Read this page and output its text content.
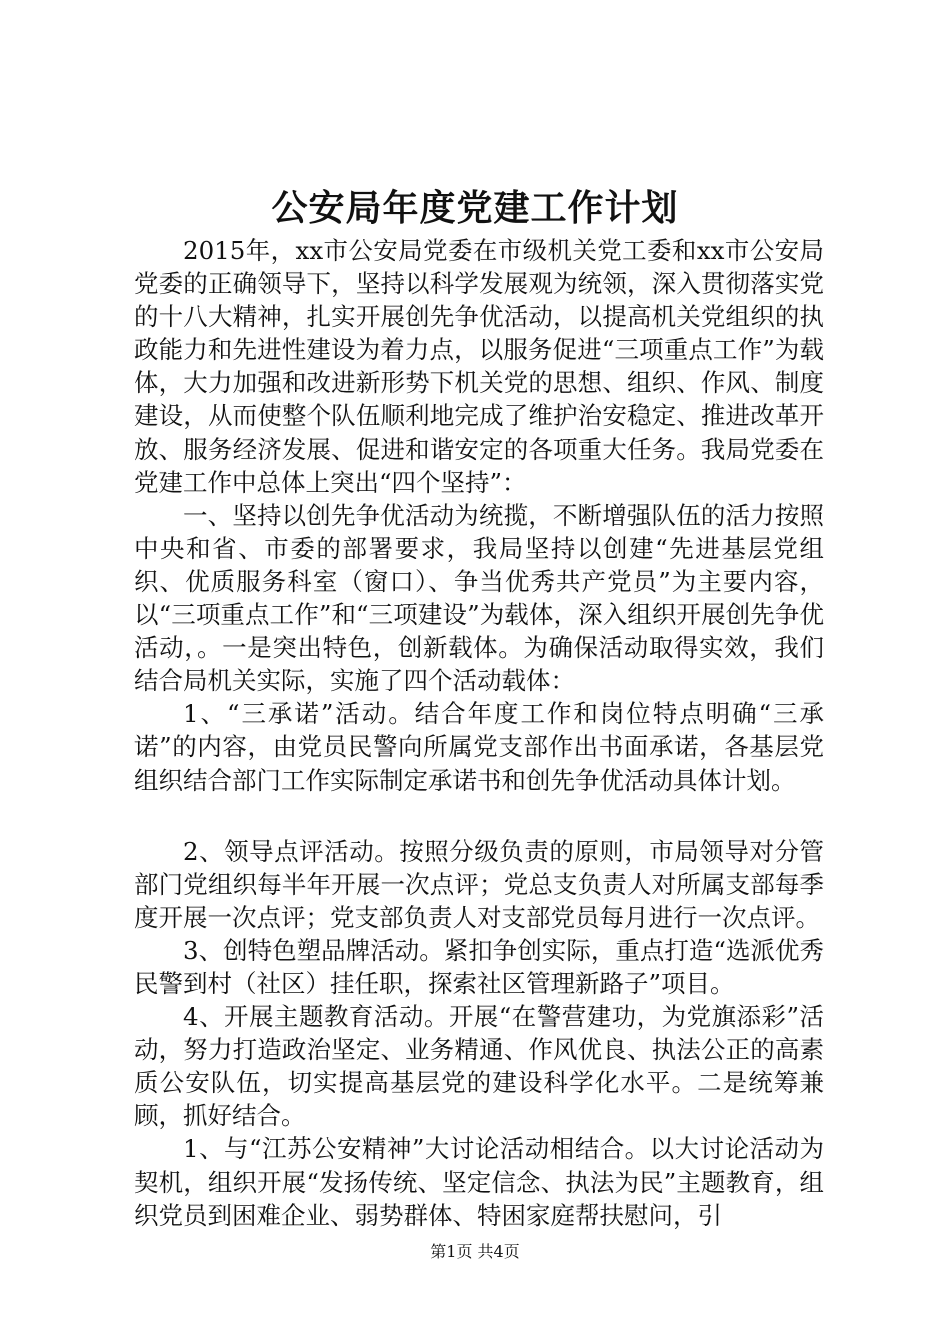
公安局年度党建工作计划

2015年，xx市公安局党委在市级机关党工委和xx市公安局党委的正确领导下，坚持以科学发展观为统领，深入贯彻落实党的十八大精神，扎实开展创先争优活动，以提高机关党组织的执政能力和先进性建设为着力点，以服务促进“三项重点工作”为载体，大力加强和改进新形势下机关党的思想、组织、作风、制度建设，从而使整个队伍顺利地完成了维护治安稳定、推进改革开放、服务经济发展、促进和谐安定的各项重大任务。我局党委在党建工作中总体上突出“四个坚持”：

一、坚持以创先争优活动为统揽，不断增强队伍的活力按照中央和省、市委的部署要求，我局坚持以创建“先进基层党组织、优质服务科室（窗口）、争当优秀共产党员”为主要内容，以“三项重点工作”和“三项建设”为载体，深入组织开展创先争优活动，。一是突出特色，创新载体。为确保活动取得实效，我们结合局机关实际，实施了四个活动载体：

1、“三承诺”活动。结合年度工作和岗位特点明确“三承诺”的内容，由党员民警向所属党支部作出书面承诺，各基层党组织结合部门工作实际制定承诺书和创先争优活动具体计划。

2、领导点评活动。按照分级负责的原则，市局领导对分管部门党组织每半年开展一次点评；党总支负责人对所属支部每季度开展一次点评；党支部负责人对支部党员每月进行一次点评。

3、创特色塑品牌活动。紧扣争创实际，重点打造“选派优秀民警到村（社区）挂任职，探索社区管理新路子”项目。

4、开展主题教育活动。开展“在警营建功，为党旗添彩”活动，努力打造政治坚定、业务精通、作风优良、执法公正的高素质公安队伍，切实提高基层党的建设科学化水平。二是统筹兼顾，抓好结合。

1、与“江苏公安精神”大讨论活动相结合。以大讨论活动为契机，组织开展“发扬传统、坚定信念、执法为民”主题教育，组织党员到困难企业、弱势群体、特困家庭帮扶慰问，引

第1页 共4页
